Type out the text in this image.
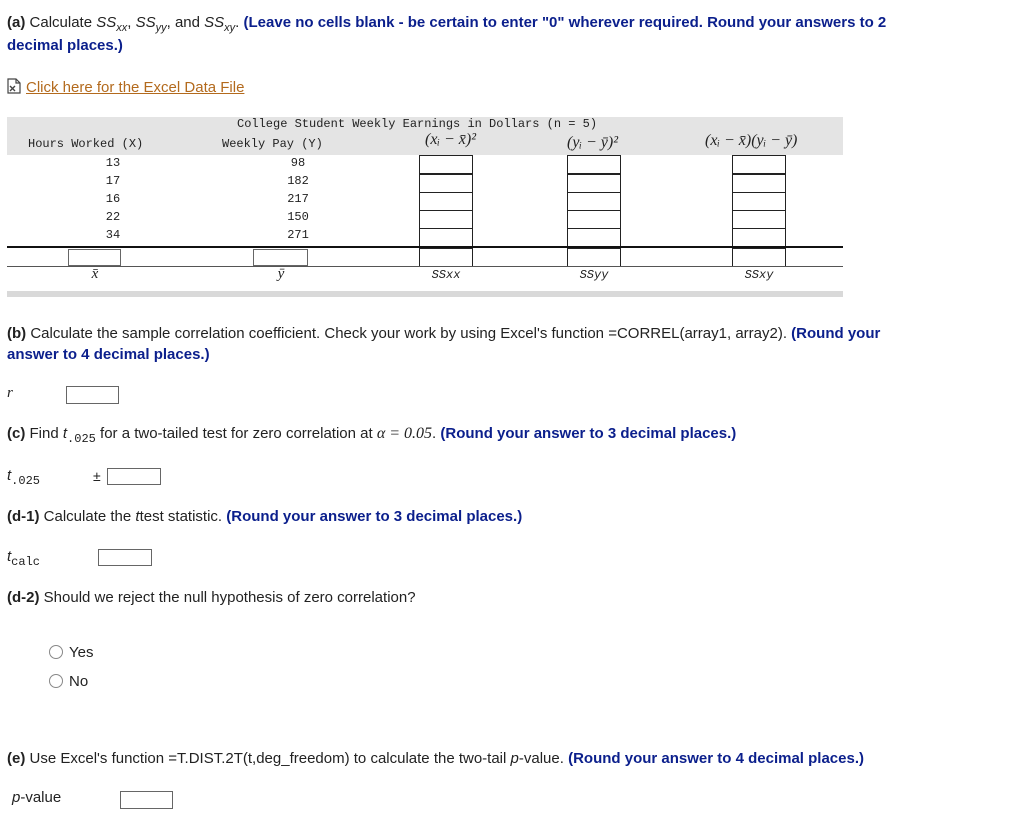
(a) Calculate $SS_{xx}$, $SS_{yy}$, and $SS_{xy}$. (Leave no cells blank - be certain to enter "0" wherever required. Round your answers to 2
decimal places.)
Click here for the Excel Data File
College Student Weekly Earnings in Dollars (n = 5)
Hours Worked (X)	Weekly Pay (Y)	(xᵢ − x̄)²	(yᵢ − ȳ)²	(xᵢ − x̄)(yᵢ − ȳ)
13	98
17	182
16	217
22	150
34	271
x̄	ȳ	SSxx	SSyy	SSxy
(b) Calculate the sample correlation coefficient. Check your work by using Excel's function =CORREL(array1, array2). (Round your
answer to 4 decimal places.)
r
(c) Find $t_{.025}$ for a two-tailed test for zero correlation at α = 0.05. (Round your answer to 3 decimal places.)
$t_{.025}$	±
(d-1) Calculate the ttest statistic. (Round your answer to 3 decimal places.)
$t_{calc}$
(d-2) Should we reject the null hypothesis of zero correlation?
Yes
No
(e) Use Excel's function =T.DIST.2T(t,deg_freedom) to calculate the two-tail p-value. (Round your answer to 4 decimal places.)
p-value
